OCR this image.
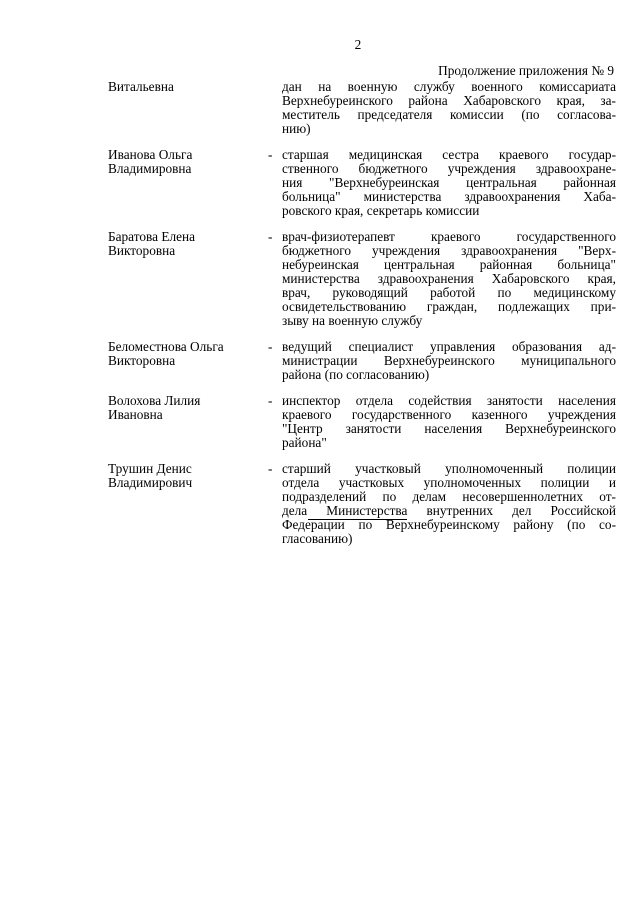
2
Продолжение приложения № 9
Витальевна	дан на военную службу военного комиссариата
Верхнебуреинского района Хабаровского края, за-
меститель председателя комиссии (по согласова-
нию)
Иванова Ольга
Владимировна
- старшая медицинская сестра краевого государ-
ственного бюджетного учреждения здравоохране-
ния "Верхнебуреинская центральная районная
больница" министерства здравоохранения Хаба-
ровского края, секретарь комиссии
Баратова Елена
Викторовна
- врач-физиотерапевт краевого государственного
бюджетного учреждения здравоохранения "Верх-
небуреинская центральная районная больница"
министерства здравоохранения Хабаровского края,
врач, руководящий работой по медицинскому
освидетельствованию граждан, подлежащих при-
зыву на военную службу
Беломестнова Ольга
Викторовна
- ведущий специалист управления образования ад-
министрации Верхнебуреинского муниципального
района (по согласованию)
Волохова Лилия
Ивановна
- инспектор отдела содействия занятости населения
краевого государственного казенного учреждения
"Центр занятости населения Верхнебуреинского
района"
Трушин Денис
Владимирович
- старший участковый уполномоченный полиции
отдела участковых уполномоченных полиции и
подразделений по делам несовершеннолетних от-
дела Министерства внутренних дел Российской
Федерации по Верхнебуреинскому району (по со-
гласованию)
